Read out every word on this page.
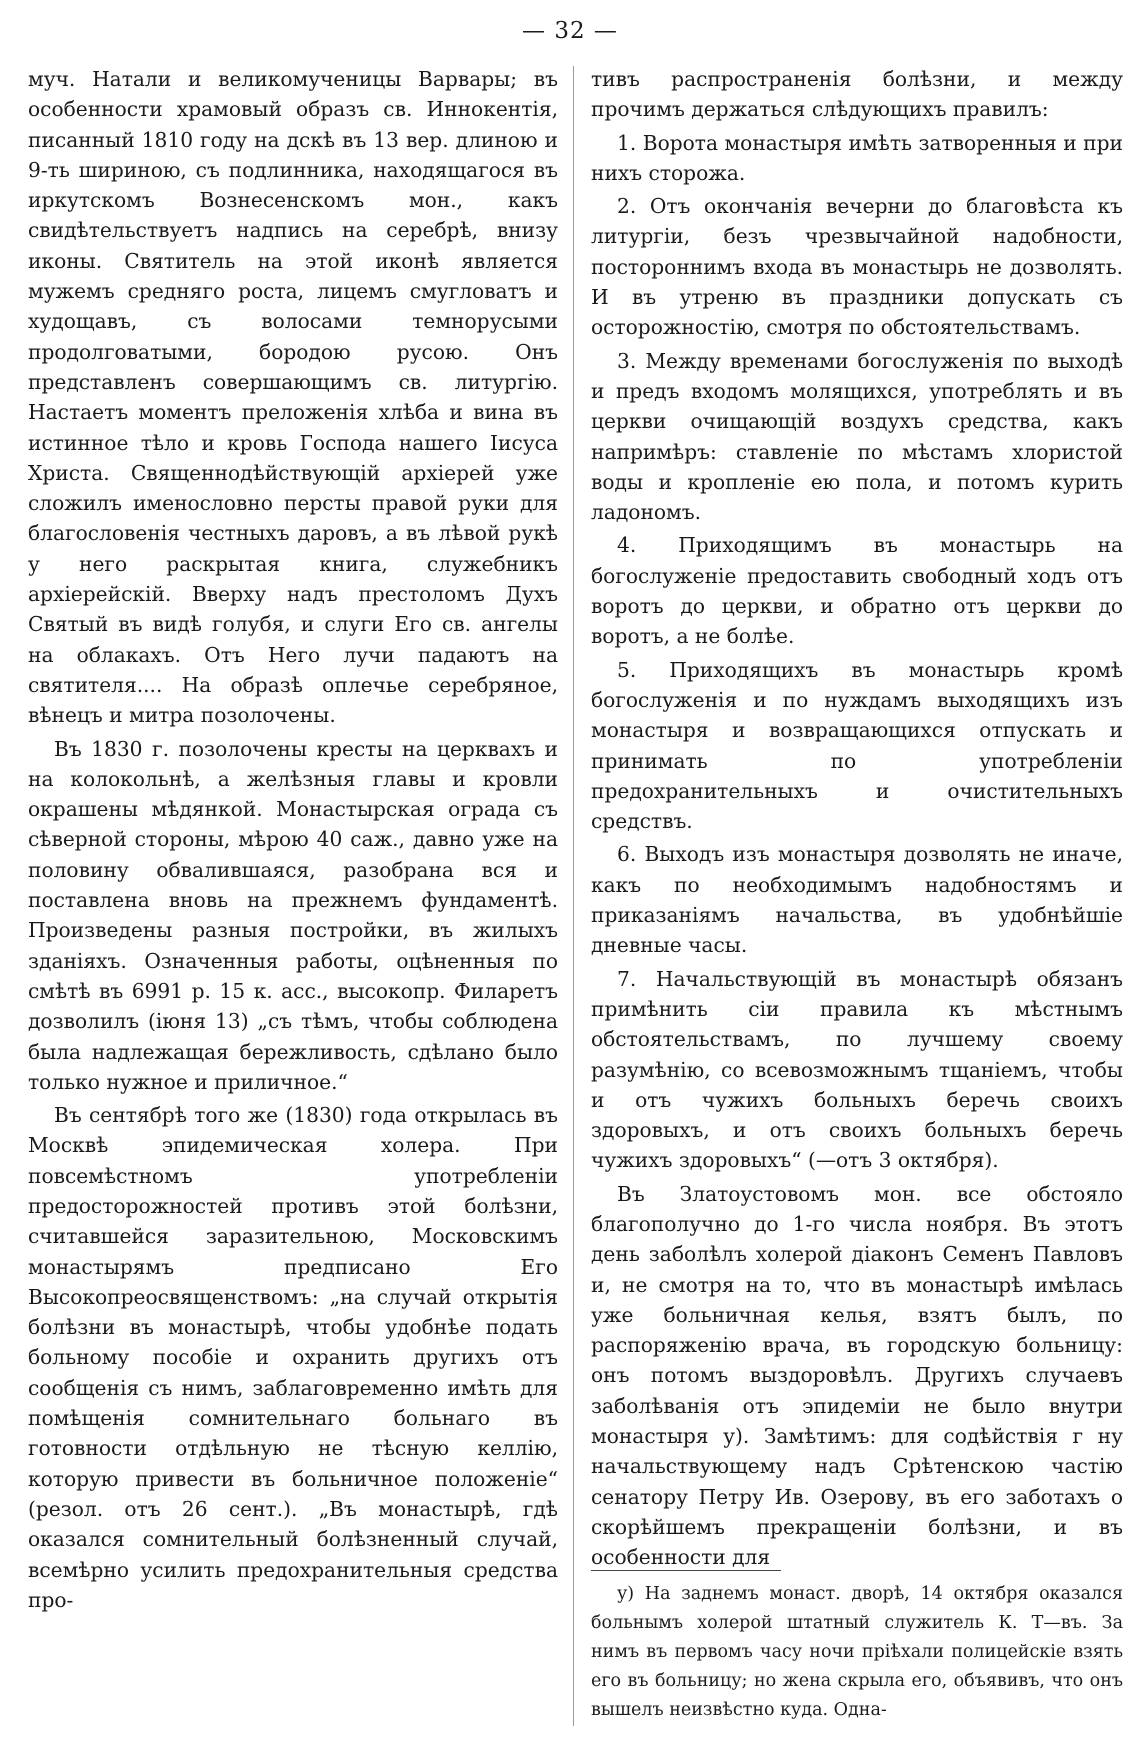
— 32 —

муч. Натали и великомученицы Варвары; въ особенности храмовый образъ св. Иннокентія, писанный 1810 году на дскѣ въ 13 вер. длиною и 9-ть шириною, съ подлинника, находящагося въ иркутскомъ Вознесенскомъ мон., какъ свидѣтельствуетъ надпись на серебрѣ, внизу иконы. Святитель на этой иконѣ является мужемъ средняго роста, лицемъ смугловатъ и худощавъ, съ волосами темнорусыми продолговатыми, бородою русою. Онъ представленъ совершающимъ св. литургію. Настаетъ моментъ преложенія хлѣба и вина въ истинное тѣло и кровь Господа нашего Іисуса Христа. Священнодѣйствующій архіерей уже сложилъ именословно персты правой руки для благословенія честныхъ даровъ, а въ лѣвой рукѣ у него раскрытая книга, служебникъ архіерейскій. Вверху надъ престоломъ Духъ Святый въ видѣ голубя, и слуги Его св. ангелы на облакахъ. Отъ Него лучи падаютъ на святителя.... На образѣ оплечье серебряное, вѣнецъ и митра позолочены.

Въ 1830 г. позолочены кресты на церквахъ и на колокольнѣ, а желѣзныя главы и кровли окрашены мѣдянкой. Монастырская ограда съ сѣверной стороны, мѣрою 40 саж., давно уже на половину обвалившаяся, разобрана вся и поставлена вновь на прежнемъ фундаментѣ. Произведены разныя постройки, въ жилыхъ зданіяхъ. Означенныя работы, оцѣненныя по смѣтѣ въ 6991 р. 15 к. асс., высокопр. Филаретъ дозволилъ (іюня 13) „съ тѣмъ, чтобы соблюдена была надлежащая бережливость, сдѣлано было только нужное и приличное.“

Въ сентябрѣ того же (1830) года открылась въ Москвѣ эпидемическая холера. При повсемѣстномъ употребленіи предосторожностей противъ этой болѣзни, считавшейся заразительною, Московскимъ монастырямъ предписано Его Высокопреосвященствомъ: „на случай открытія болѣзни въ монастырѣ, чтобы удобнѣе подать больному пособіе и охранить другихъ отъ сообщенія съ нимъ, заблаговременно имѣть для помѣщенія сомнительнаго больнаго въ готовности отдѣльную не тѣсную келлію, которую привести въ больничное положеніе“ (резол. отъ 26 сент.). „Въ монастырѣ, гдѣ оказался сомнительный болѣзненный случай, всемѣрно усилить предохранительныя средства про-

тивъ распространенія болѣзни, и между прочимъ держаться слѣдующихъ правилъ:

1. Ворота монастыря имѣть затворенныя и при нихъ сторожа.

2. Отъ окончанія вечерни до благовѣста къ литургіи, безъ чрезвычайной надобности, постороннимъ входа въ монастырь не дозволять. И въ утреню въ праздники допускать съ осторожностію, смотря по обстоятельствамъ.

3. Между временами богослуженія по выходѣ и предъ входомъ молящихся, употреблять и въ церкви очищающій воздухъ средства, какъ напримѣръ: ставленіе по мѣстамъ хлористой воды и кропленіе ею пола, и потомъ курить ладономъ.

4. Приходящимъ въ монастырь на богослуженіе предоставить свободный ходъ отъ воротъ до церкви, и обратно отъ церкви до воротъ, а не болѣе.

5. Приходящихъ въ монастырь кромѣ богослуженія и по нуждамъ выходящихъ изъ монастыря и возвращающихся отпускать и принимать по употребленіи предохранительныхъ и очистительныхъ средствъ.

6. Выходъ изъ монастыря дозволять не иначе, какъ по необходимымъ надобностямъ и приказаніямъ начальства, въ удобнѣйшіе дневные часы.

7. Начальствующій въ монастырѣ обязанъ примѣнить сіи правила къ мѣстнымъ обстоятельствамъ, по лучшему своему разумѣнію, со всевозможнымъ тщаніемъ, чтобы и отъ чужихъ больныхъ беречь своихъ здоровыхъ, и отъ своихъ больныхъ беречь чужихъ здоровыхъ“ (—отъ 3 октября).

Въ Златоустовомъ мон. все обстояло благополучно до 1-го числа ноября. Въ этотъ день заболѣлъ холерой діаконъ Семенъ Павловъ и, не смотря на то, что въ монастырѣ имѣлась уже больничная келья, взятъ былъ, по распоряженію врача, въ городскую больницу: онъ потомъ выздоровѣлъ. Другихъ случаевъ заболѣванія отъ эпидеміи не было внутри монастыря у). Замѣтимъ: для содѣйствія г ну начальствующему надъ Срѣтенскою частію сенатору Петру Ив. Озерову, въ его заботахъ о скорѣйшемъ прекращеніи болѣзни, и въ особенности для

у) На заднемъ монаст. дворѣ, 14 октября оказался больнымъ холерой штатный служитель К. Т—въ. За нимъ въ первомъ часу ночи пріѣхали полицейскіе взять его въ больницу; но жена скрыла его, объявивъ, что онъ вышелъ неизвѣстно куда. Одна-
